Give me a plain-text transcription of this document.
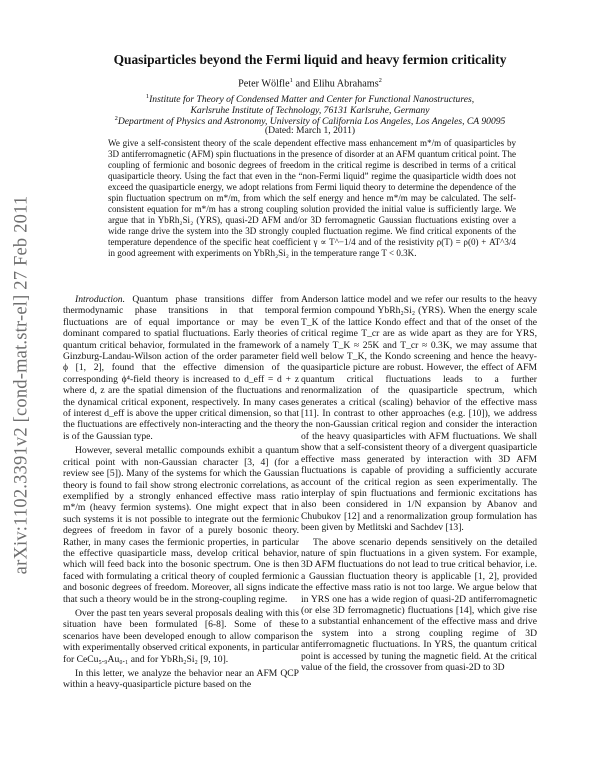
arXiv:1102.3391v2 [cond-mat.str-el] 27 Feb 2011
Quasiparticles beyond the Fermi liquid and heavy fermion criticality
Peter Wölfle$^1$ and Elihu Abrahams$^2$
$^1$Institute for Theory of Condensed Matter and Center for Functional Nanostructures,
Karlsruhe Institute of Technology, 76131 Karlsruhe, Germany
$^2$Department of Physics and Astronomy, University of California Los Angeles, Los Angeles, CA 90095
(Dated: March 1, 2011)
We give a self-consistent theory of the scale dependent effective mass enhancement m*/m of quasiparticles by 3D antiferromagnetic (AFM) spin fluctuations in the presence of disorder at an AFM quantum critical point. The coupling of fermionic and bosonic degrees of freedom in the critical regime is described in terms of a critical quasiparticle theory. Using the fact that even in the “non-Fermi liquid” regime the quasiparticle width does not exceed the quasiparticle energy, we adopt relations from Fermi liquid theory to determine the dependence of the spin fluctuation spectrum on m*/m, from which the self energy and hence m*/m may be calculated. The self-consistent equation for m*/m has a strong coupling solution provided the initial value is sufficiently large. We argue that in YbRh₂Si₂ (YRS), quasi-2D AFM and/or 3D ferromagnetic Gaussian fluctuations existing over a wide range drive the system into the 3D strongly coupled fluctuation regime. We find critical exponents of the temperature dependence of the specific heat coefficient γ ∝ T^−1/4 and of the resistivity ρ(T) = ρ(0) + AT^3/4 in good agreement with experiments on YbRh₂Si₂ in the temperature range T < 0.3K.

Introduction. Quantum phase transitions differ from thermodynamic phase transitions in that temporal fluctuations are of equal importance or may be even dominant compared to spatial fluctuations. Early theories of quantum critical behavior, formulated in the framework of a Ginzburg-Landau-Wilson action of the order parameter field ϕ [1, 2], found that the effective dimension of the corresponding ϕ⁴-field theory is increased to d_eff = d + z where d, z are the spatial dimension of the fluctuations and the dynamical critical exponent, respectively. In many cases of interest d_eff is above the upper critical dimension, so that the fluctuations are effectively non-interacting and the theory is of the Gaussian type.

However, several metallic compounds exhibit a quantum critical point with non-Gaussian character [3, 4] (for a review see [5]). Many of the systems for which the Gaussian theory is found to fail show strong electronic correlations, as exemplified by a strongly enhanced effective mass ratio m*/m (heavy fermion systems). One might expect that in such systems it is not possible to integrate out the fermionic degrees of freedom in favor of a purely bosonic theory. Rather, in many cases the fermionic properties, in particular the effective quasiparticle mass, develop critical behavior, which will feed back into the bosonic spectrum. One is then faced with formulating a critical theory of coupled fermionic and bosonic degrees of freedom. Moreover, all signs indicate that such a theory would be in the strong-coupling regime.

Over the past ten years several proposals dealing with this situation have been formulated [6-8]. Some of these scenarios have been developed enough to allow comparison with experimentally observed critical exponents, in particular for CeCu₅.₉Au₀.₁ and for YbRh₂Si₂ [9, 10].

In this letter, we analyze the behavior near an AFM QCP within a heavy-quasiparticle picture based on the

Anderson lattice model and we refer our results to the heavy fermion compound YbRh₂Si₂ (YRS). When the energy scale T_K of the lattice Kondo effect and that of the onset of the critical regime T_cr are as wide apart as they are for YRS, namely T_K ≈ 25K and T_cr ≈ 0.3K, we may assume that well below T_K, the Kondo screening and hence the heavy-quasiparticle picture are robust. However, the effect of AFM quantum critical fluctuations leads to a further renormalization of the quasiparticle spectrum, which generates a critical (scaling) behavior of the effective mass [11]. In contrast to other approaches (e.g. [10]), we address the non-Gaussian critical region and consider the interaction of the heavy quasiparticles with AFM fluctuations. We shall show that a self-consistent theory of a divergent quasiparticle effective mass generated by interaction with 3D AFM fluctuations is capable of providing a sufficiently accurate account of the critical region as seen experimentally. The interplay of spin fluctuations and fermionic excitations has also been considered in 1/N expansion by Abanov and Chubukov [12] and a renormalization group formulation has been given by Metlitski and Sachdev [13].

The above scenario depends sensitively on the detailed nature of spin fluctuations in a given system. For example, 3D AFM fluctuations do not lead to true critical behavior, i.e. a Gaussian fluctuation theory is applicable [1, 2], provided the effective mass ratio is not too large. We argue below that in YRS one has a wide region of quasi-2D antiferromagnetic (or else 3D ferromagnetic) fluctuations [14], which give rise to a substantial enhancement of the effective mass and drive the system into a strong coupling regime of 3D antiferromagnetic fluctuations. In YRS, the quantum critical point is accessed by tuning the magnetic field. At the critical value of the field, the crossover from quasi-2D to 3D
